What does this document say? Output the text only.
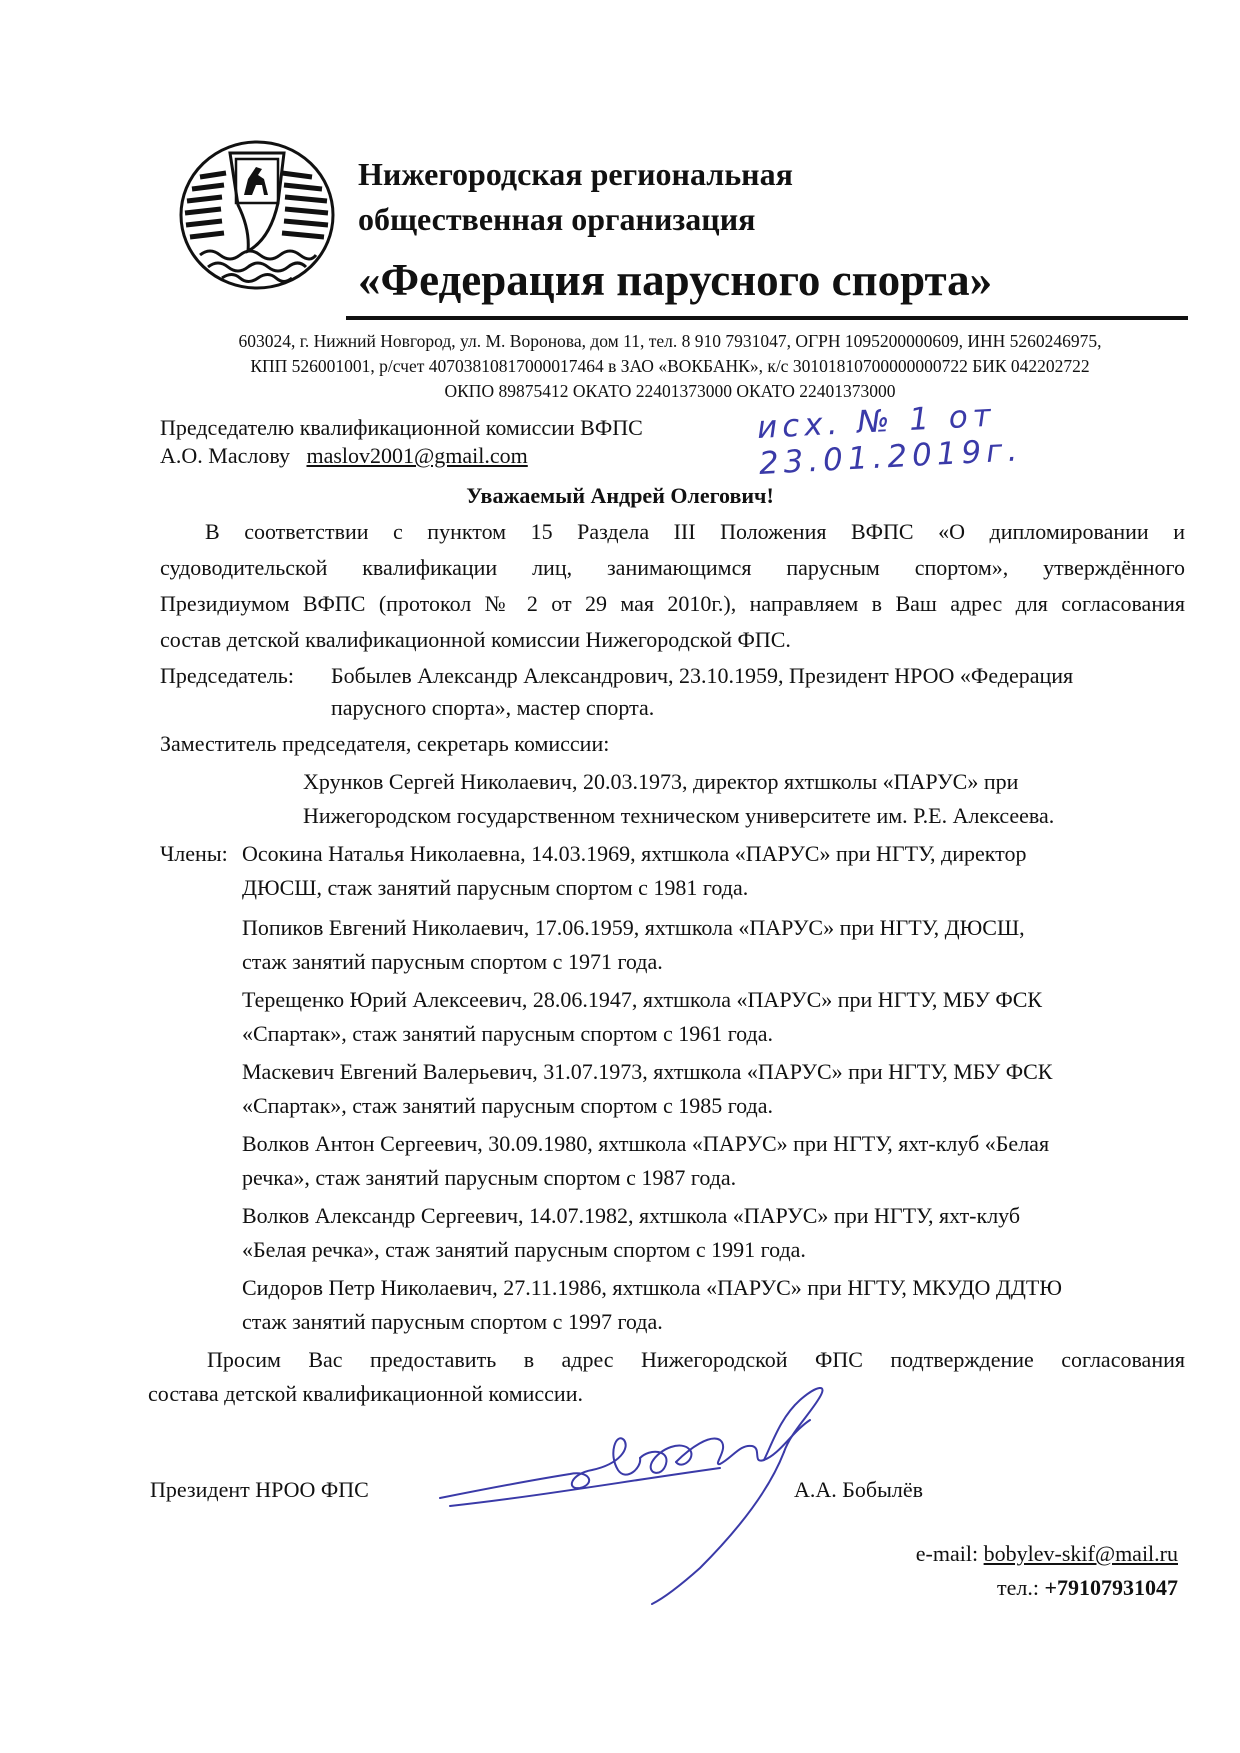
Нижегородская региональная
общественная организация
«Федерация парусного спорта»
603024, г. Нижний Новгород, ул. М. Воронова, дом 11, тел. 8 910 7931047, ОГРН 1095200000609, ИНН 5260246975,
КПП 526001001, р/счет 40703810817000017464 в ЗАО «ВОКБАНК», к/с 30101810700000000722 БИК 042202722
ОКПО 89875412 ОКАТО 22401373000 ОКАТО 22401373000
Председателю квалификационной комиссии ВФПС
А.О. Маслову maslov2001@gmail.com
исх. № 1 от 23.01.2019г.
Уважаемый Андрей Олегович!
В соответствии с пунктом 15 Раздела III Положения ВФПС «О дипломировании и
судоводительской квалификации лиц, занимающимся парусным спортом», утверждённого
Президиумом ВФПС (протокол № 2 от 29 мая 2010г.), направляем в Ваш адрес для согласования
состав детской квалификационной комиссии Нижегородской ФПС.
Председатель: Бобылев Александр Александрович, 23.10.1959, Президент НРОО «Федерация
парусного спорта», мастер спорта.
Заместитель председателя, секретарь комиссии:
Хрунков Сергей Николаевич, 20.03.1973, директор яхтшколы «ПАРУС» при
Нижегородском государственном техническом университете им. Р.Е. Алексеева.
Члены: Осокина Наталья Николаевна, 14.03.1969, яхтшкола «ПАРУС» при НГТУ, директор
ДЮСШ, стаж занятий парусным спортом с 1981 года.
Попиков Евгений Николаевич, 17.06.1959, яхтшкола «ПАРУС» при НГТУ, ДЮСШ,
стаж занятий парусным спортом с 1971 года.
Терещенко Юрий Алексеевич, 28.06.1947, яхтшкола «ПАРУС» при НГТУ, МБУ ФСК
«Спартак», стаж занятий парусным спортом с 1961 года.
Маскевич Евгений Валерьевич, 31.07.1973, яхтшкола «ПАРУС» при НГТУ, МБУ ФСК
«Спартак», стаж занятий парусным спортом с 1985 года.
Волков Антон Сергеевич, 30.09.1980, яхтшкола «ПАРУС» при НГТУ, яхт-клуб «Белая
речка», стаж занятий парусным спортом с 1987 года.
Волков Александр Сергеевич, 14.07.1982, яхтшкола «ПАРУС» при НГТУ, яхт-клуб
«Белая речка», стаж занятий парусным спортом с 1991 года.
Сидоров Петр Николаевич, 27.11.1986, яхтшкола «ПАРУС» при НГТУ, МКУДО ДДТЮ
стаж занятий парусным спортом с 1997 года.
Просим Вас предоставить в адрес Нижегородской ФПС подтверждение согласования
состава детской квалификационной комиссии.
Президент НРОО ФПС	А.А. Бобылёв
e-mail: bobylev-skif@mail.ru
тел.: +79107931047
